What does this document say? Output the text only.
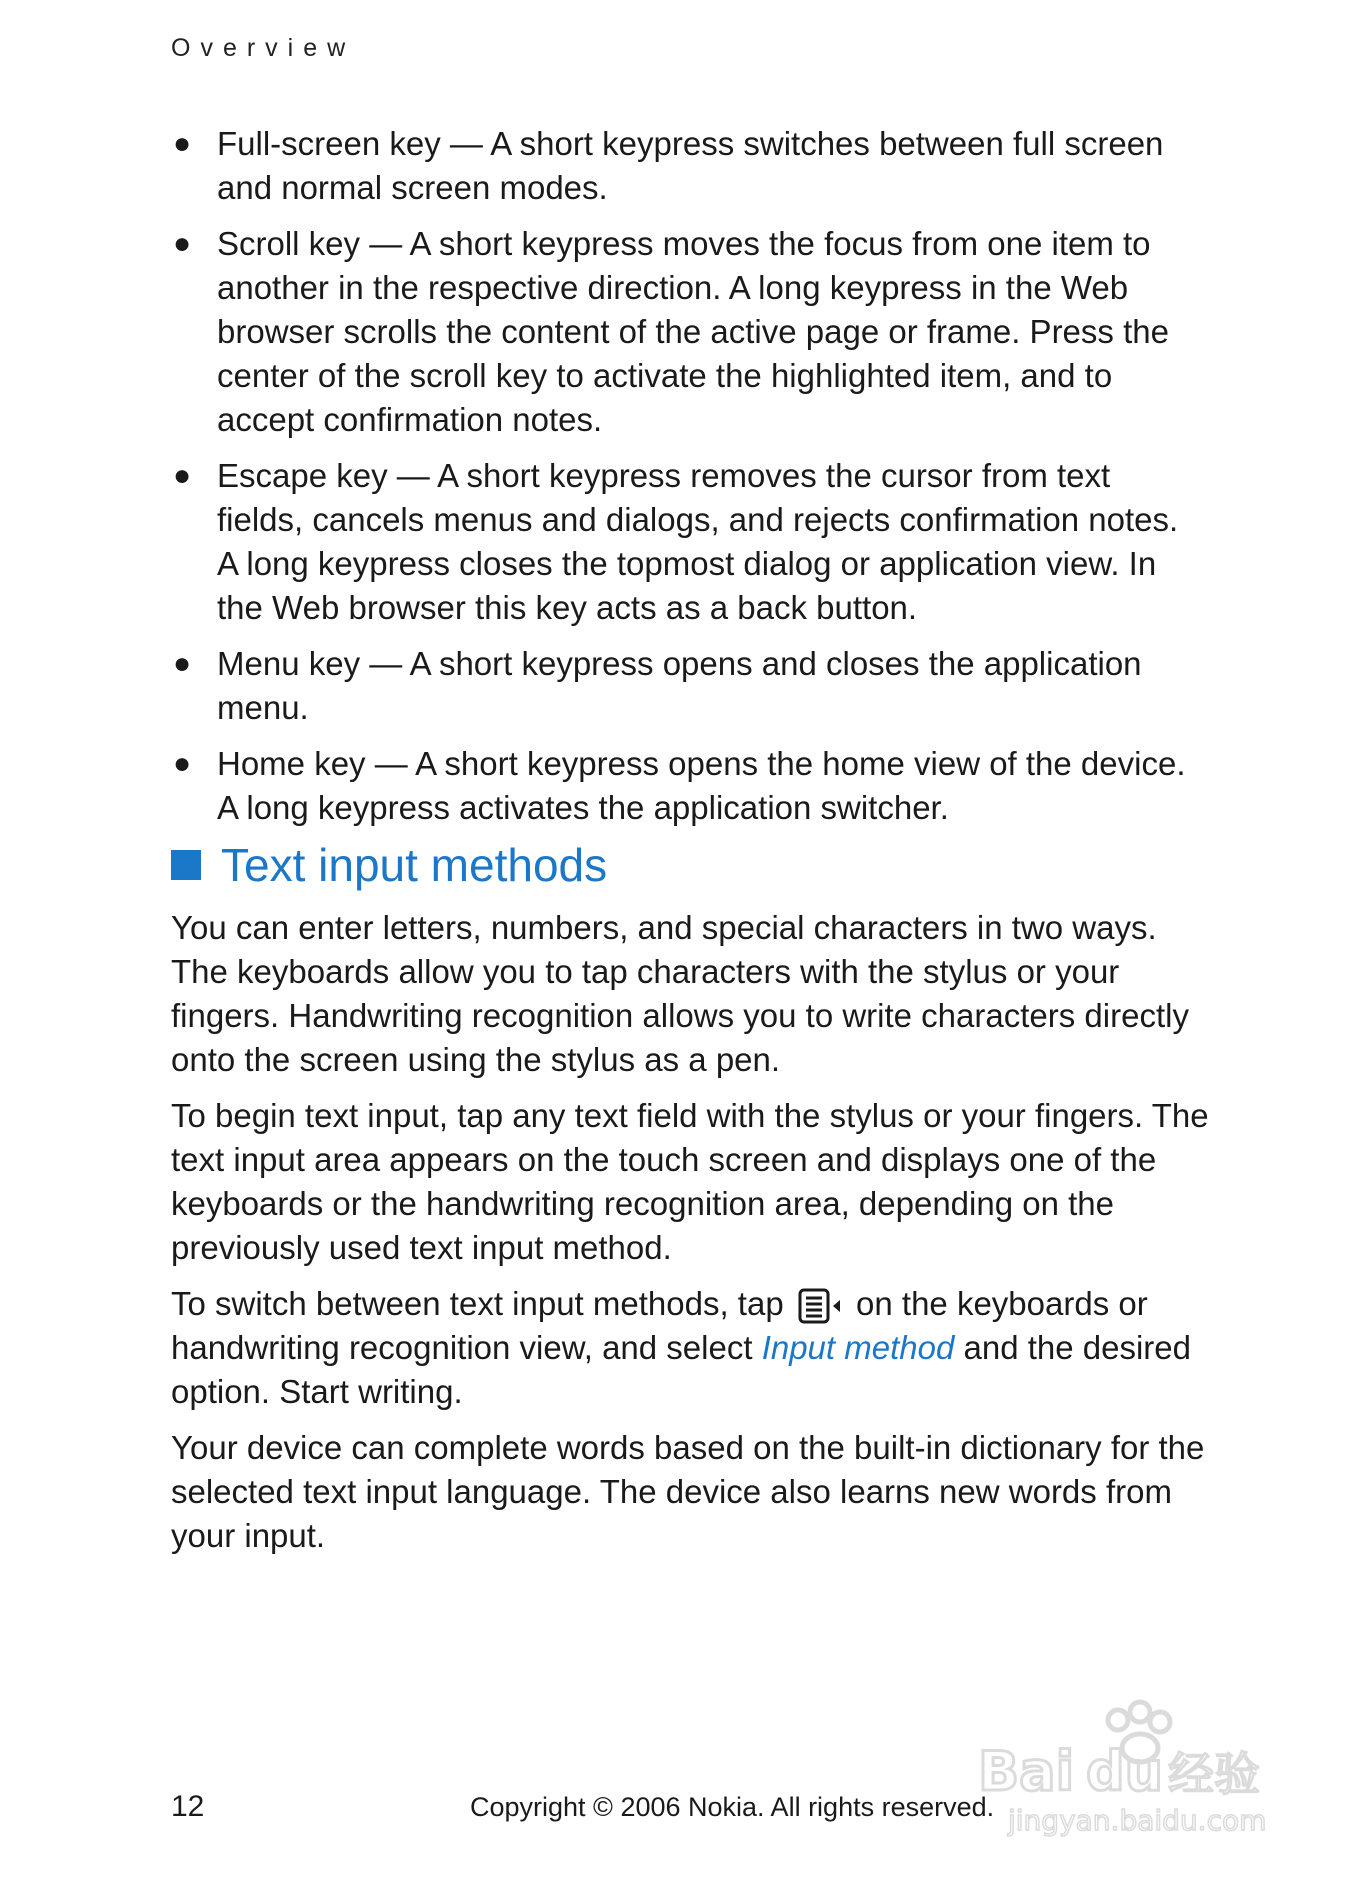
Overview
● Full-screen key — A short keypress switches between full screen and normal screen modes.
● Scroll key — A short keypress moves the focus from one item to another in the respective direction. A long keypress in the Web browser scrolls the content of the active page or frame. Press the center of the scroll key to activate the highlighted item, and to accept confirmation notes.
● Escape key — A short keypress removes the cursor from text fields, cancels menus and dialogs, and rejects confirmation notes. A long keypress closes the topmost dialog or application view. In the Web browser this key acts as a back button.
● Menu key — A short keypress opens and closes the application menu.
● Home key — A short keypress opens the home view of the device. A long keypress activates the application switcher.
Text input methods

You can enter letters, numbers, and special characters in two ways. The keyboards allow you to tap characters with the stylus or your fingers. Handwriting recognition allows you to write characters directly onto the screen using the stylus as a pen.

To begin text input, tap any text field with the stylus or your fingers. The text input area appears on the touch screen and displays one of the keyboards or the handwriting recognition area, depending on the previously used text input method.

To switch between text input methods, tap on the keyboards or handwriting recognition view, and select Input method and the desired option. Start writing.

Your device can complete words based on the built-in dictionary for the selected text input language. The device also learns new words from your input.

12	Copyright © 2006 Nokia. All rights reserved.
Bai du 经验
jingyan.baidu.com
